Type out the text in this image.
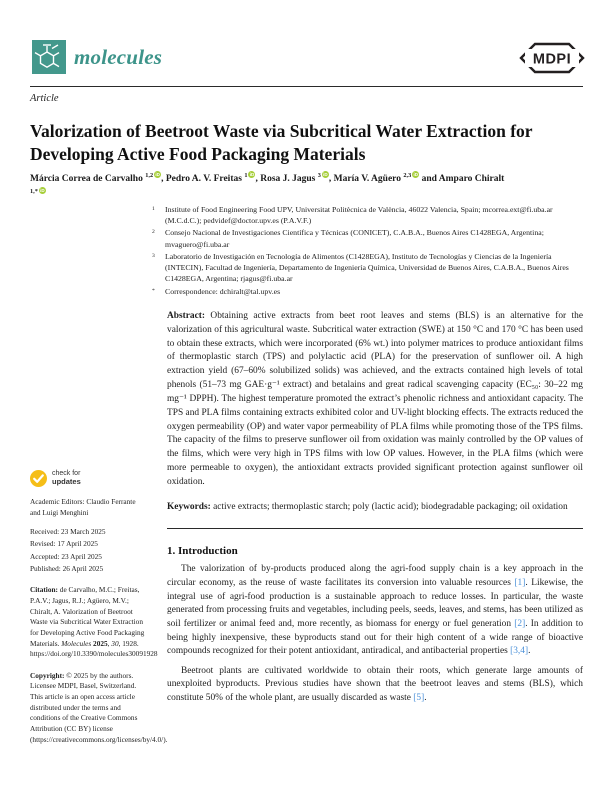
molecules	MDPI
Article
Valorization of Beetroot Waste via Subcritical Water Extraction for Developing Active Food Packaging Materials

Márcia Correa de Carvalho $^{1,2}$ iD, Pedro A. V. Freitas $^1$ iD, Rosa J. Jagus $^3$ iD, María V. Agüero $^{2,3}$ iD and Amparo Chiralt $^{1,*}$ iD

1	Institute of Food Engineering Food UPV, Universitat Politècnica de València, 46022 Valencia, Spain; mcorrea.ext@fi.uba.ar (M.C.d.C.); pedvidef@doctor.upv.es (P.A.V.F.)
2	Consejo Nacional de Investigaciones Científica y Técnicas (CONICET), C.A.B.A., Buenos Aires C1428EGA, Argentina; mvaguero@fi.uba.ar
3	Laboratorio de Investigación en Tecnología de Alimentos (C1428EGA), Instituto de Tecnologías y Ciencias de la Ingeniería (INTECIN), Facultad de Ingeniería, Departamento de Ingeniería Química, Universidad de Buenos Aires, C.A.B.A., Buenos Aires C1428EGA, Argentina; rjagus@fi.uba.ar
*	Correspondence: dchiralt@tal.upv.es
check for
updates
Academic Editors: Claudio Ferrante and Luigi Menghini
Received: 23 March 2025
Revised: 17 April 2025
Accepted: 23 April 2025
Published: 26 April 2025
Citation: de Carvalho, M.C.; Freitas, P.A.V.; Jagus, R.J.; Agüero, M.V.; Chiralt, A. Valorization of Beetroot Waste via Subcritical Water Extraction for Developing Active Food Packaging Materials. Molecules 2025, 30, 1928. https://doi.org/10.3390/molecules30091928
Copyright: © 2025 by the authors. Licensee MDPI, Basel, Switzerland. This article is an open access article distributed under the terms and conditions of the Creative Commons Attribution (CC BY) license (https://creativecommons.org/licenses/by/4.0/).

Abstract: Obtaining active extracts from beet root leaves and stems (BLS) is an alternative for the valorization of this agricultural waste. Subcritical water extraction (SWE) at 150 °C and 170 °C has been used to obtain these extracts, which were incorporated (6% wt.) into polymer matrices to produce antioxidant films of thermoplastic starch (TPS) and polylactic acid (PLA) for the preservation of sunflower oil. A high extraction yield (67–60% solubilized solids) was achieved, and the extracts contained high levels of total phenols (51–73 mg GAE·g⁻¹ extract) and betalains and great radical scavenging capacity (EC₅₀: 30–22 mg mg⁻¹ DPPH). The highest temperature promoted the extract’s phenolic richness and antioxidant capacity. The TPS and PLA films containing extracts exhibited color and UV-light blocking effects. The extracts reduced the oxygen permeability (OP) and water vapor permeability of PLA films while promoting those of the TPS films. The capacity of the films to preserve sunflower oil from oxidation was mainly controlled by the OP values of the films, which were very high in TPS films with low OP values. However, in the PLA films (which were more permeable to oxygen), the antioxidant extracts provided significant protection against sunflower oil oxidation.

Keywords: active extracts; thermoplastic starch; poly (lactic acid); biodegradable packaging; oil oxidation

1. Introduction

The valorization of by-products produced along the agri-food supply chain is a key approach in the circular economy, as the reuse of waste facilitates its conversion into valuable resources [1]. Likewise, the integral use of agri-food production is a sustainable approach to reduce losses. In particular, the waste generated from processing fruits and vegetables, including peels, seeds, leaves, and stems, has been utilized as soil fertilizer or animal feed and, more recently, as biomass for energy or fuel generation [2]. In addition to being highly inexpensive, these byproducts stand out for their high content of a wide range of bioactive compounds recognized for their potent antioxidant, antiradical, and antibacterial properties [3,4].

Beetroot plants are cultivated worldwide to obtain their roots, which generate large amounts of unexploited byproducts. Previous studies have shown that the beetroot leaves and stems (BLS), which constitute 50% of the whole plant, are usually discarded as waste [5].
